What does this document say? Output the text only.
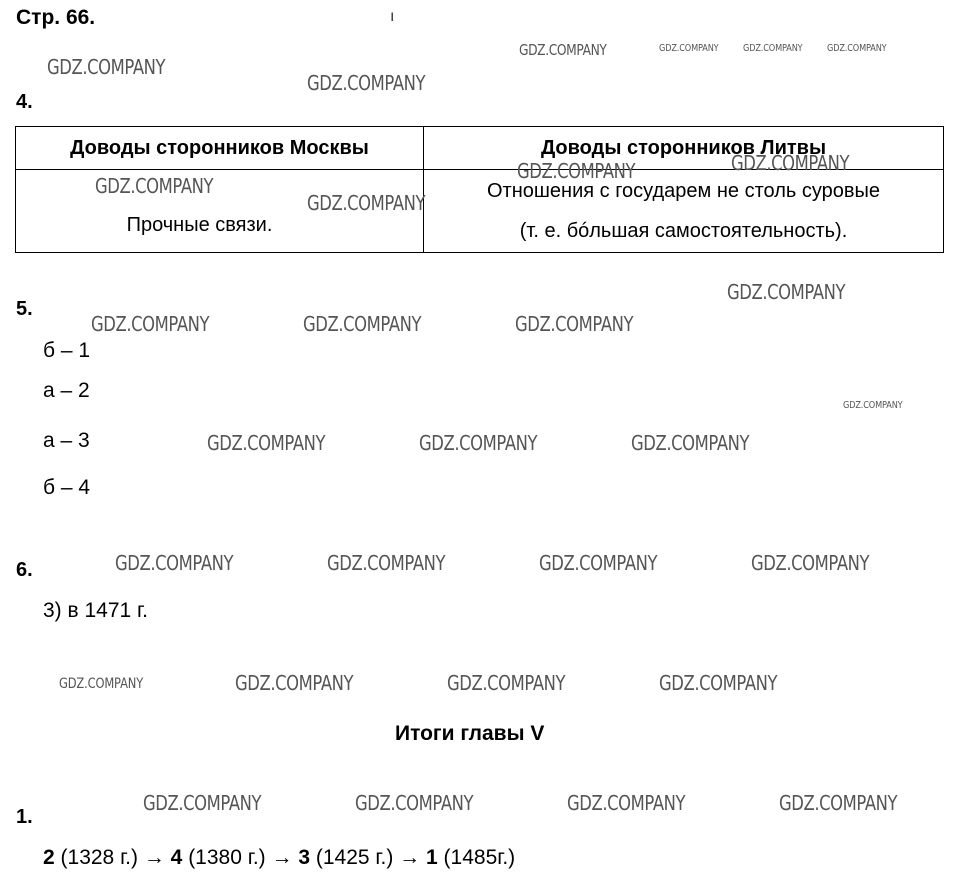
Стр. 66.	ı
GDZ.COMPANY	GDZ.COMPANY GDZ.COMPANY GDZ.COMPANY
GDZ.COMPANY
GDZ.COMPANY
4.
Доводы сторонников Москвы	Доводы сторонников Литвы
Прочные связи.	Отношения с государем не столь суровые
(т. е. бóльшая самостоятельность).
GDZ.COMPANY	GDZ.COMPANY
GDZ.COMPANY
GDZ.COMPANY
GDZ.COMPANY
5.
GDZ.COMPANY	GDZ.COMPANY	GDZ.COMPANY
б – 1
а – 2
GDZ.COMPANY
а – 3	GDZ.COMPANY	GDZ.COMPANY	GDZ.COMPANY
б – 4
GDZ.COMPANY	GDZ.COMPANY	GDZ.COMPANY	GDZ.COMPANY
6.
3) в 1471 г.
GDZ.COMPANY	GDZ.COMPANY	GDZ.COMPANY	GDZ.COMPANY
Итоги главы V
GDZ.COMPANY	GDZ.COMPANY	GDZ.COMPANY	GDZ.COMPANY
1.
2 (1328 г.) → 4 (1380 г.) → 3 (1425 г.) → 1 (1485г.)
